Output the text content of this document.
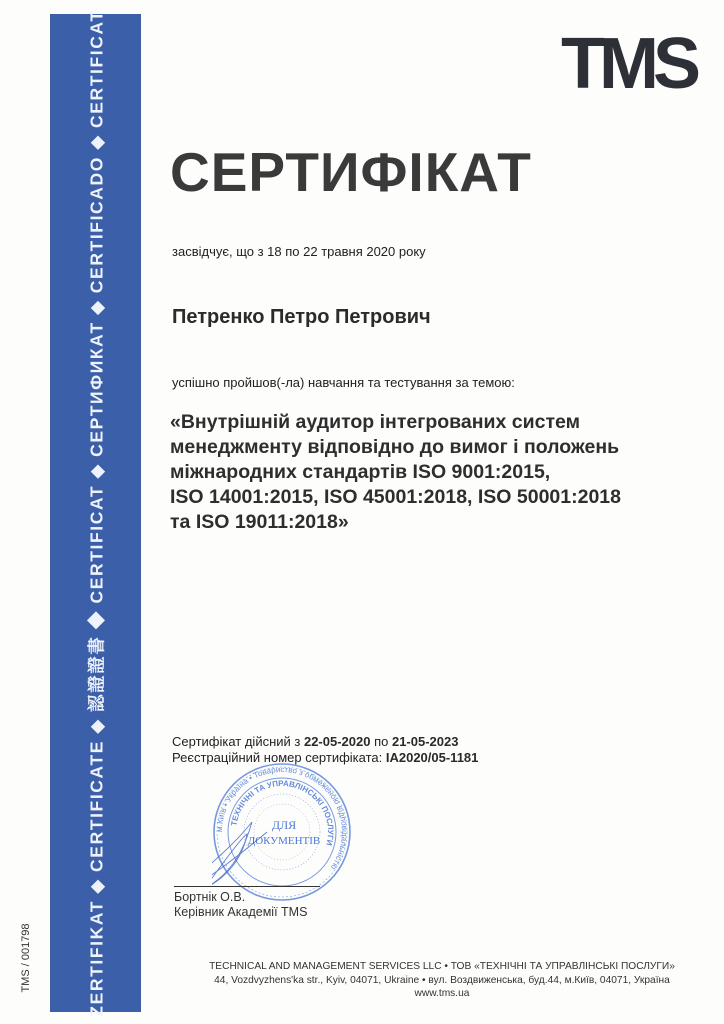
ZERTIFIKAT ◆ CERTIFICATE ◆ 認證證書 ◆ CERTIFICAT ◆ СЕРТИФИКАТ ◆ CERTIFICADO ◆ CERTIFICAT
TMS / 001798
TMS
СЕРТИФІКАТ
засвідчує, що з 18 по 22 травня 2020 року
Петренко Петро Петрович
успішно пройшов(-ла) навчання та тестування за темою:
«Внутрішній аудитор інтегрованих систем
менеджменту відповідно до вимог і положень
міжнародних стандартів ISO 9001:2015,
ISO 14001:2015, ISO 45001:2018, ISO 50001:2018
та ISO 19011:2018»
Сертифікат дійсний з 22-05-2020 по 21-05-2023
Реєстраційний номер сертифіката: IA2020/05-1181
м.Київ • Україна • Товариство з обмеженою відповідальністю
ТЕХНІЧНІ ТА УПРАВЛІНСЬКІ ПОСЛУГИ
ДЛЯ
ДОКУМЕНТІВ
Бортнік О.В.
Керівник Академії TMS
TECHNICAL AND MANAGEMENT SERVICES LLC • ТОВ «ТЕХНІЧНІ ТА УПРАВЛІНСЬКІ ПОСЛУГИ»
44, Vozdvyzhens'ka str., Kyiv, 04071, Ukraine • вул. Воздвиженська, буд.44, м.Київ, 04071, Україна
www.tms.ua
